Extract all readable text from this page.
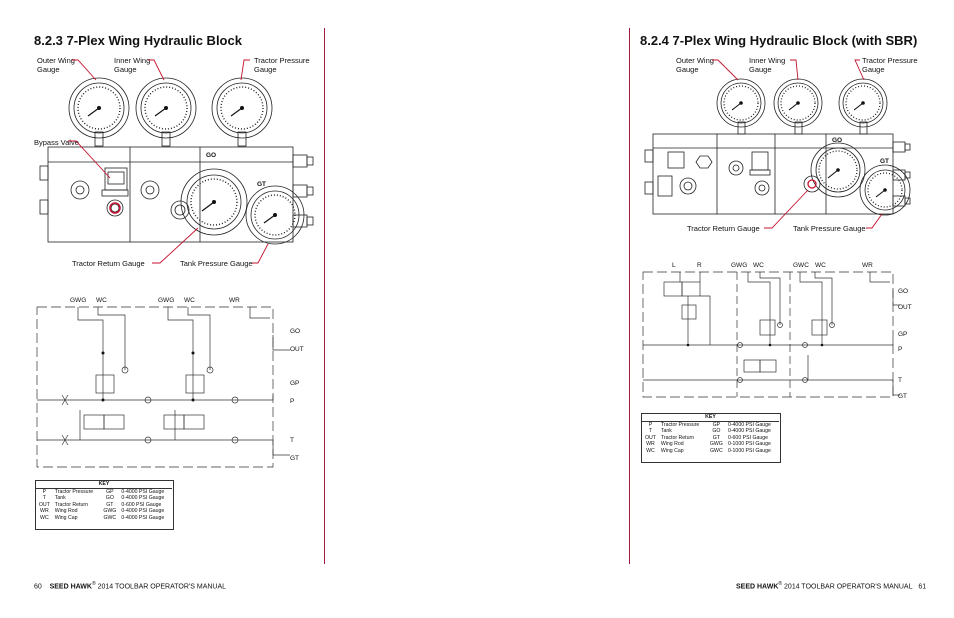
8.2.3 7-Plex Wing Hydraulic Block
Outer Wing
Gauge
Inner Wing
Gauge
Tractor Pressure
Gauge
Bypass Valve
Tractor Return Gauge	Tank Pressure Gauge
GO
GT
GWG WC	GWG WC	WR
GO
OUT
GP
P
T
GT
KEY			
P	Tractor Pressure	GP	0-4000 PSI Gauge
T	Tank	GO	0-4000 PSI Gauge
OUT	Tractor Return	GT	0-600 PSI Gauge
WR	Wing Rod	GWG	0-4000 PSI Gauge
WC	Wing Cap	GWC	0-4000 PSI Gauge
60 SEED HAWK® 2014 TOOLBAR OPERATOR'S MANUAL
8.2.4 7-Plex Wing Hydraulic Block (with SBR)
Outer Wing
Gauge
Inner Wing
Gauge
Tractor Pressure
Gauge
Tractor Return Gauge	Tank Pressure Gauge
GO
GT
L	R	GWG WC	GWC WC	WR
GO
OUT
GP
P
T
GT
KEY			
P	Tractor Pressure	GP	0-4000 PSI Gauge
T	Tank	GO	0-4000 PSI Gauge
OUT	Tractor Return	GT	0-600 PSI Gauge
WR	Wing Rod	GWG	0-1000 PSI Gauge
WC	Wing Cap	GWC	0-1000 PSI Gauge
SEED HAWK® 2014 TOOLBAR OPERATOR'S MANUAL 61
